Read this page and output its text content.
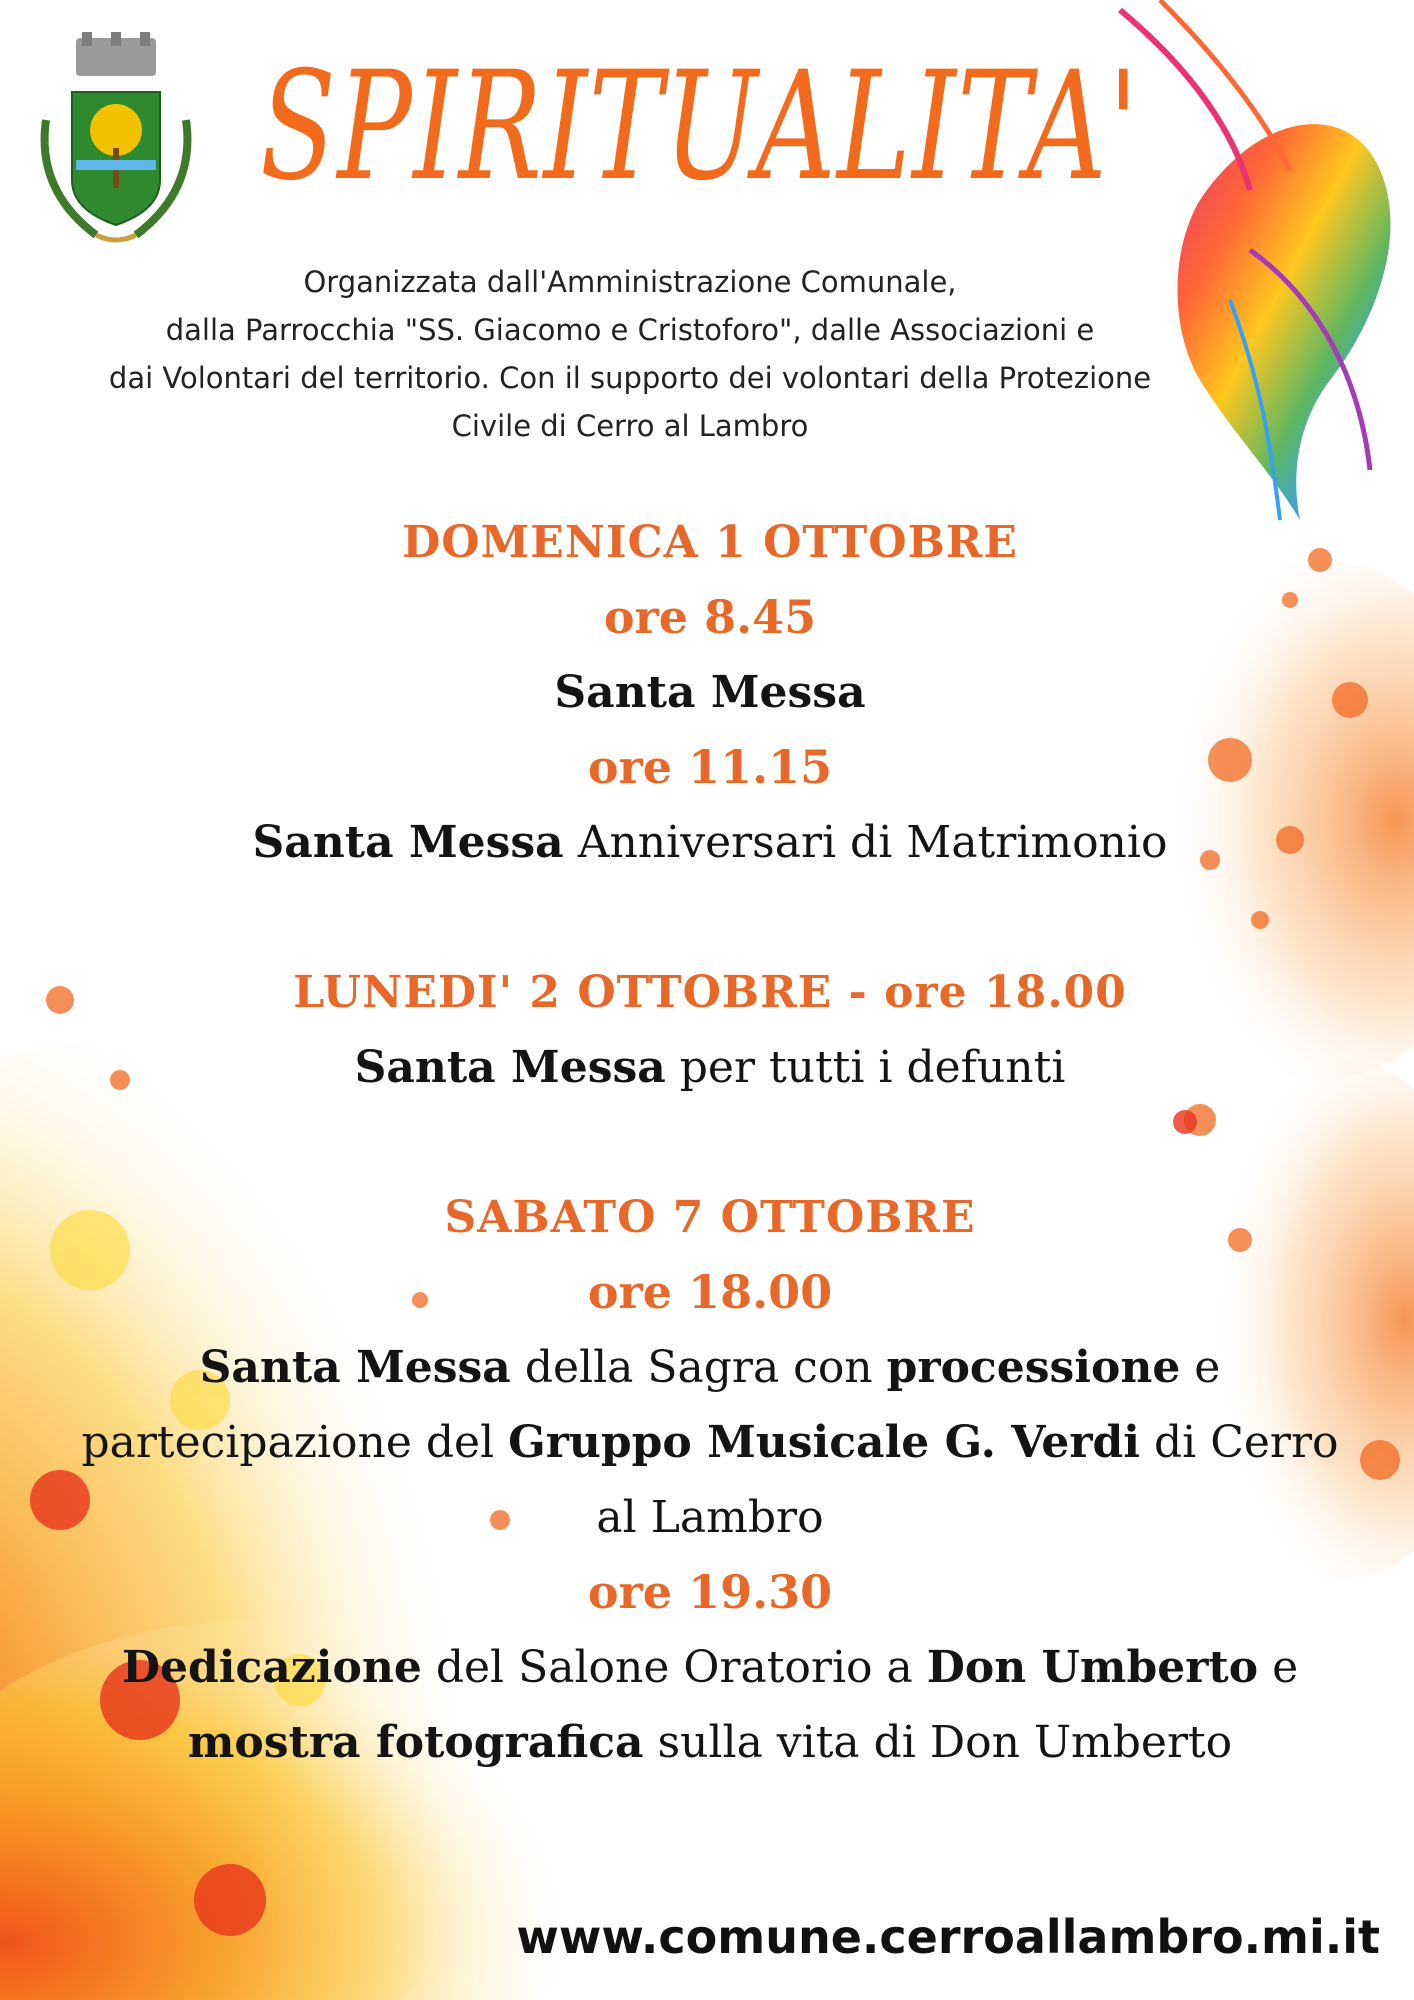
SPIRITUALITA'
Organizzata dall'Amministrazione Comunale,
dalla Parrocchia "SS. Giacomo e Cristoforo", dalle Associazioni e
dai Volontari del territorio. Con il supporto dei volontari della Protezione
Civile di Cerro al Lambro
DOMENICA 1 OTTOBRE
ore 8.45
Santa Messa
ore 11.15
Santa Messa Anniversari di Matrimonio
LUNEDI' 2 OTTOBRE - ore 18.00
Santa Messa per tutti i defunti
SABATO 7 OTTOBRE
ore 18.00
Santa Messa della Sagra con processione e
partecipazione del Gruppo Musicale G. Verdi di Cerro
al Lambro
ore 19.30
Dedicazione del Salone Oratorio a Don Umberto e
mostra fotografica sulla vita di Don Umberto
www.comune.cerroallambro.mi.it
